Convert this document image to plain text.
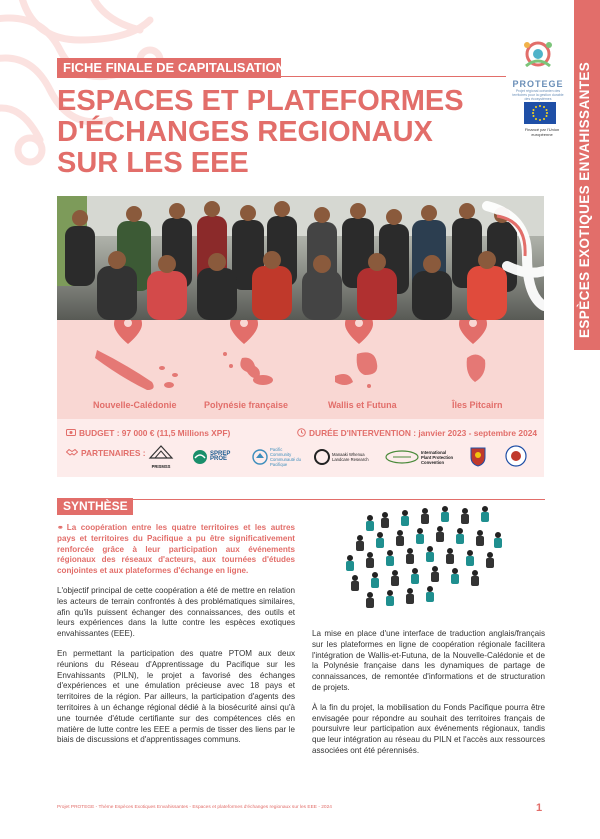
ESPÈCES EXOTIQUES ENVAHISSANTES
PROTEGE
Projet régional océanien des territoires pour la gestion durable des écosystèmes
Financé par l'Union européenne
FICHE FINALE DE CAPITALISATION
ESPACES ET PLATEFORMES
D'ÉCHANGES REGIONAUX
SUR LES EEE
Nouvelle-Calédonie	Polynésie française	Wallis et Futuna	Îles Pitcairn
BUDGET : 97 000 € (11,5 Millions XPF)	DURÉE D'INTERVENTION : janvier 2023 - septembre 2024
PARTENAIRES :
PRISMSS
SPREP PROE
Pacific Community Communauté du Pacifique
Manaaki Whenua Landcare Research
International Plant Protection Convention
SYNTHÈSE

⚭ La coopération entre les quatre territoires et les autres pays et territoires du Pacifique a pu être significativement renforcée grâce à leur participation aux événements régionaux des réseaux d'acteurs, aux tournées d'études conjointes et aux plateformes d'échange en ligne.

L'objectif principal de cette coopération a été de mettre en relation les acteurs de terrain confrontés à des problématiques similaires, afin qu'ils puissent échanger des connaissances, des outils et leurs expériences dans la lutte contre les espèces exotiques envahissantes (EEE).

En permettant la participation des quatre PTOM aux deux réunions du Réseau d'Apprentissage du Pacifique sur les Envahissants (PILN), le projet a favorisé des échanges d'expériences et une émulation précieuse avec 18 pays et territoires de la région. Par ailleurs, la participation d'agents des territoires à un échange régional dédié à la biosécurité ainsi qu'à une tournée d'étude certifiante sur des compétences clés en matière de lutte contre les EEE a permis de tisser des liens par le biais de discussions et d'apprentissages communs.

La mise en place d'une interface de traduction anglais/français sur les plateformes en ligne de coopération régionale facilitera l'intégration de Wallis-et-Futuna, de la Nouvelle-Calédonie et de la Polynésie française dans les dynamiques de partage de connaissances, de remontée d'informations et de structuration de projets.

À la fin du projet, la mobilisation du Fonds Pacifique pourra être envisagée pour répondre au souhait des territoires français de poursuivre leur participation aux événements régionaux, tandis que leur intégration au réseau du PILN et l'accès aux ressources associées ont été pérennisés.

Projet PROTEGE - Thème Espèces Exotiques Envahissantes - Espaces et plateformes d'échanges regionaux sur les EEE - 2024	1
